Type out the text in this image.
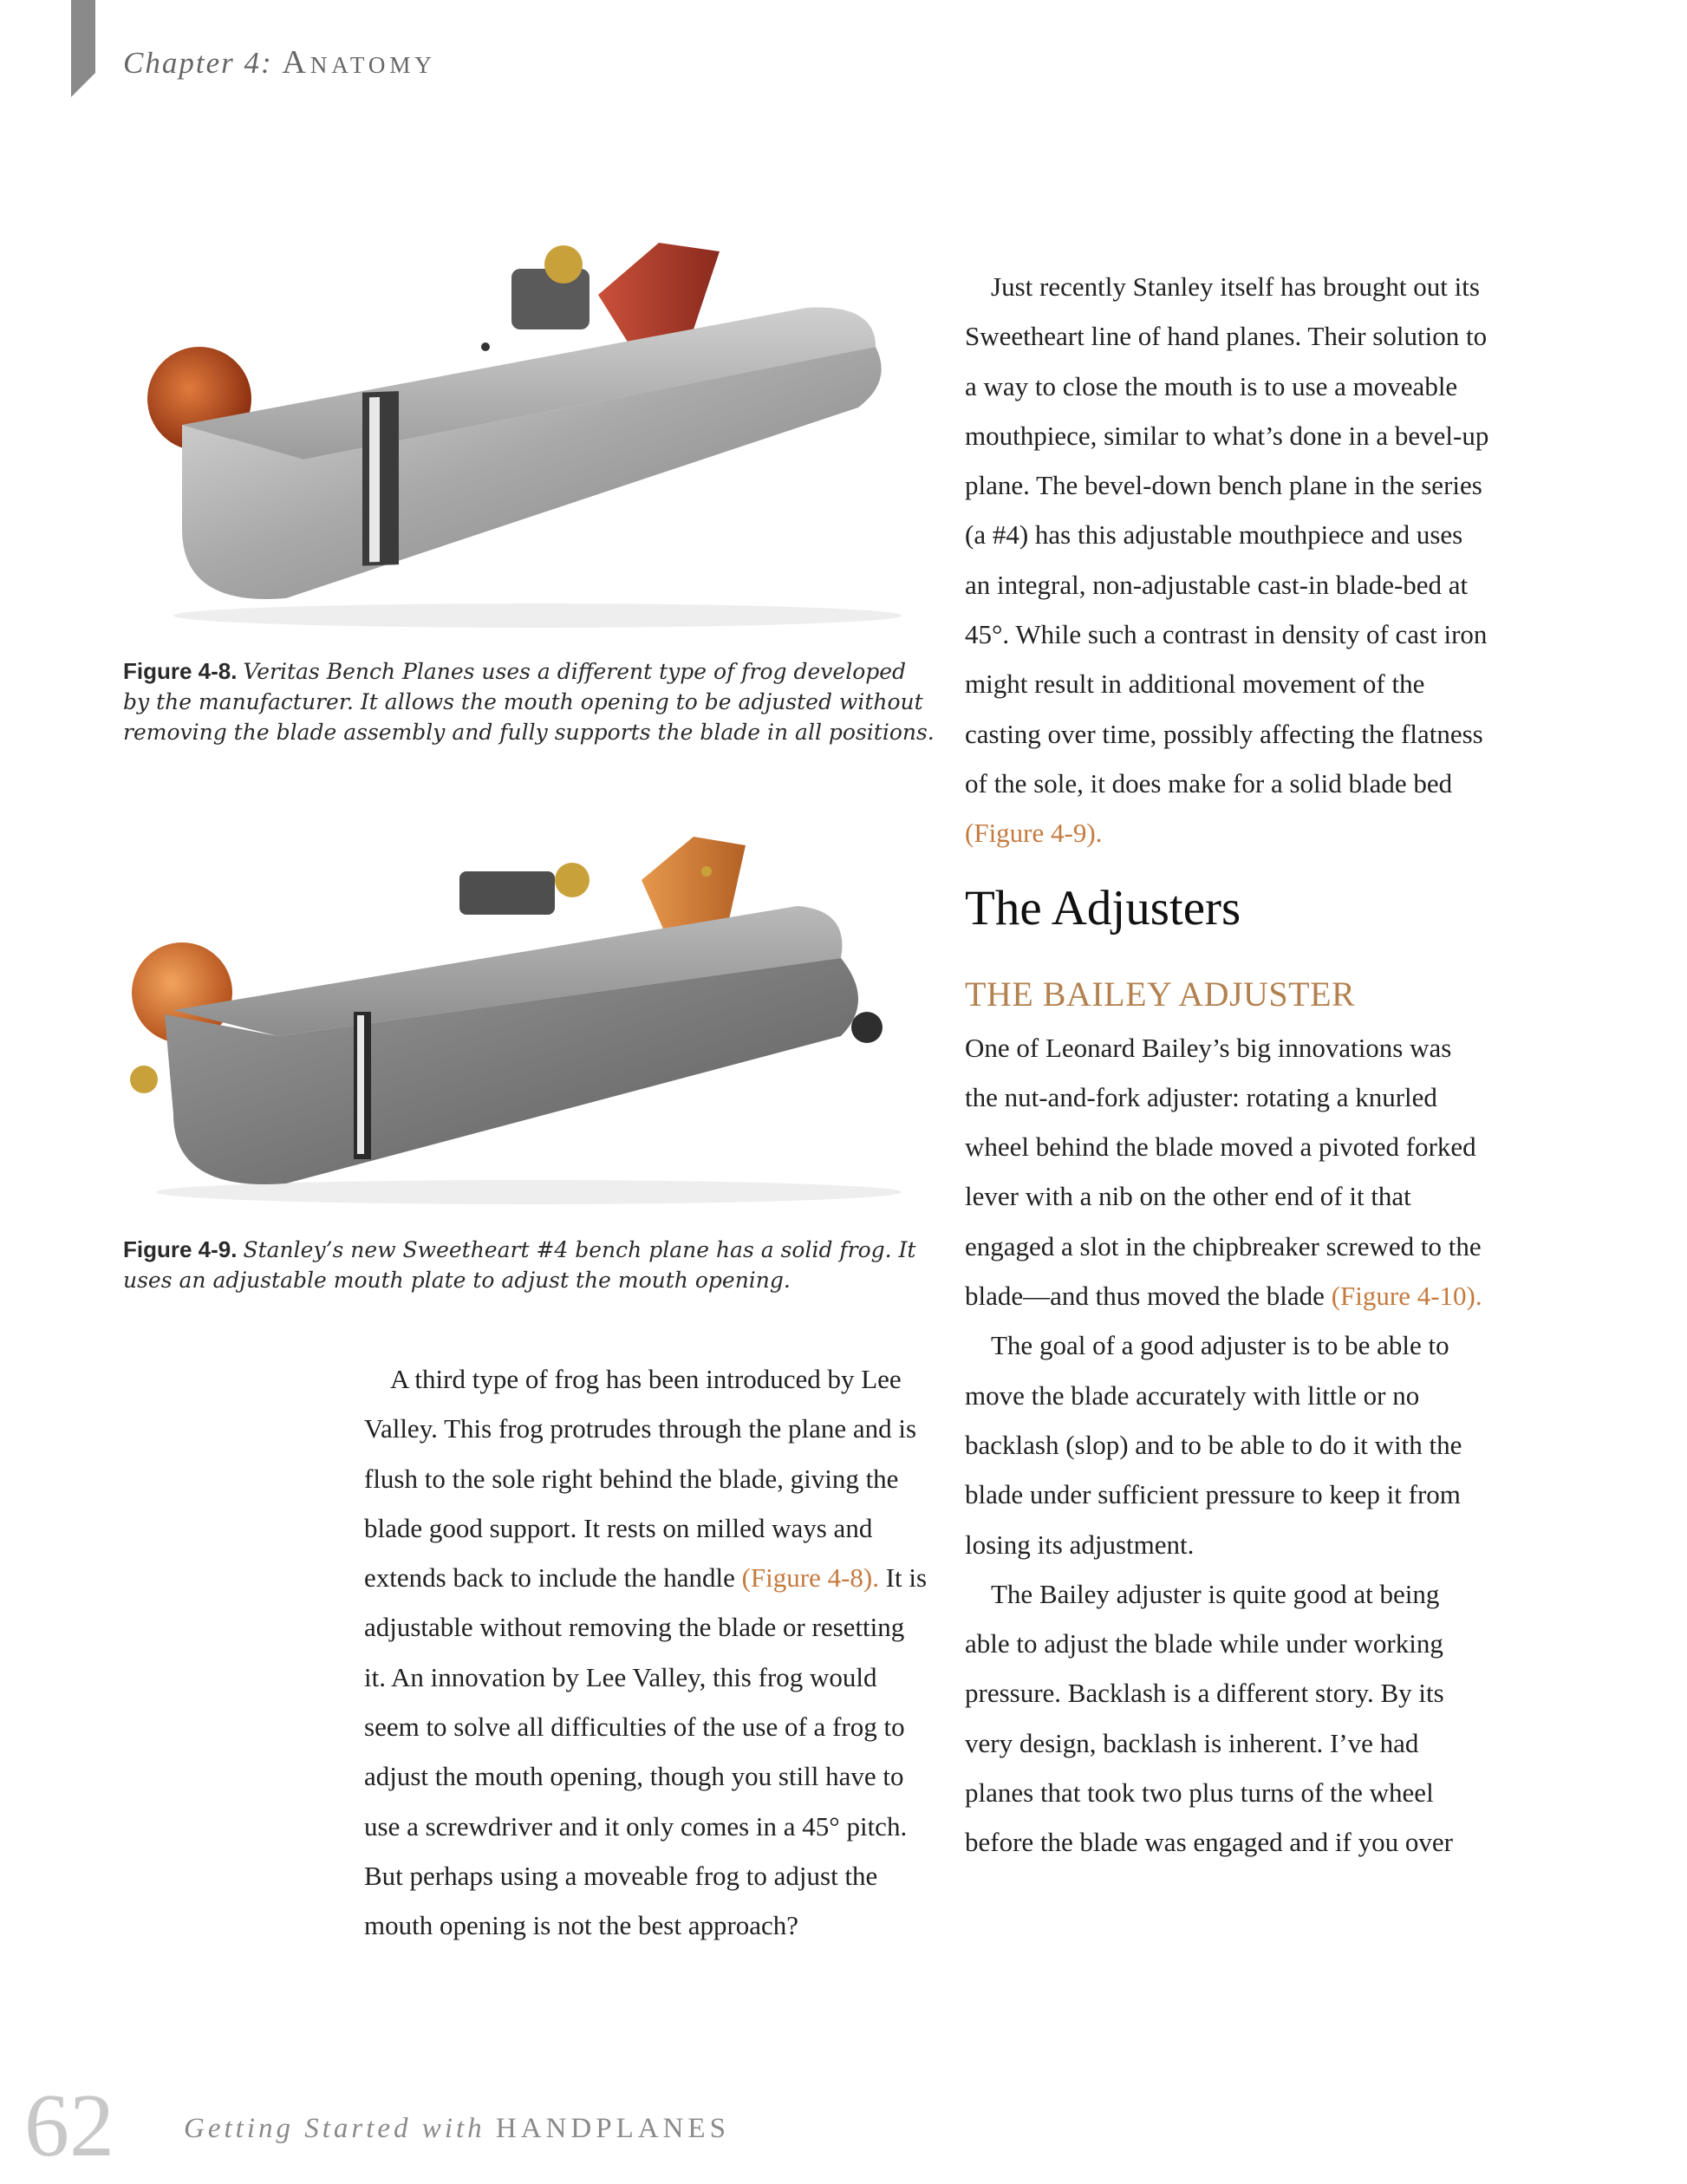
Chapter 4: Anatomy
Figure 4-8. Veritas Bench Planes uses a different type of frog developed by the manufacturer. It allows the mouth opening to be adjusted without removing the blade assembly and fully supports the blade in all positions.
Figure 4-9. Stanley’s new Sweetheart #4 bench plane has a solid frog. It uses an adjustable mouth plate to adjust the mouth opening.

A third type of frog has been introduced by Lee Valley. This frog protrudes through the plane and is flush to the sole right behind the blade, giving the blade good support. It rests on milled ways and extends back to include the handle (Figure 4-8). It is adjustable without removing the blade or resetting it. An innovation by Lee Valley, this frog would seem to solve all difficulties of the use of a frog to adjust the mouth opening, though you still have to use a screwdriver and it only comes in a 45° pitch. But perhaps using a moveable frog to adjust the mouth opening is not the best approach?

Just recently Stanley itself has brought out its Sweetheart line of hand planes. Their solution to a way to close the mouth is to use a moveable mouthpiece, similar to what’s done in a bevel-up plane. The bevel-down bench plane in the series (a #4) has this adjustable mouthpiece and uses an integral, non-adjustable cast-in blade-bed at 45°. While such a contrast in density of cast iron might result in additional movement of the casting over time, possibly affecting the flatness of the sole, it does make for a solid blade bed (Figure 4-9).

The Adjusters
THE BAILEY ADJUSTER

One of Leonard Bailey’s big innovations was the nut-and-fork adjuster: rotating a knurled wheel behind the blade moved a pivoted forked lever with a nib on the other end of it that engaged a slot in the chipbreaker screwed to the blade—and thus moved the blade (Figure 4-10).

The goal of a good adjuster is to be able to move the blade accurately with little or no backlash (slop) and to be able to do it with the blade under sufficient pressure to keep it from losing its adjustment.

The Bailey adjuster is quite good at being able to adjust the blade while under working pressure. Backlash is a different story. By its very design, backlash is inherent. I’ve had planes that took two plus turns of the wheel before the blade was engaged and if you over

62 Getting Started with HANDPLANES
